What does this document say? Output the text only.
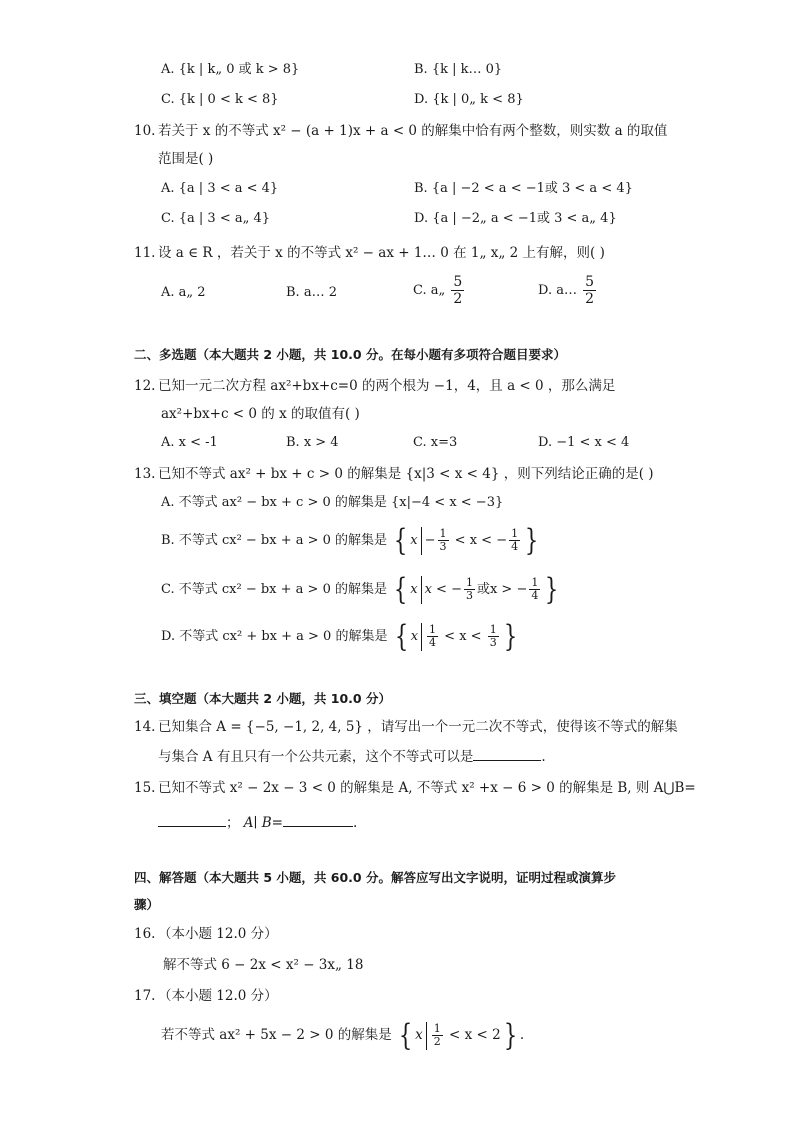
A. {k | k„ 0 或 k > 8}	B. {k | k… 0}
C. {k | 0 < k < 8}	D. {k | 0„ k < 8}
10. 若关于 x 的不等式 x² − (a + 1)x + a < 0 的解集中恰有两个整数，则实数 a 的取值
范围是( )
A. {a | 3 < a < 4}	B. {a | −2 < a < −1或 3 < a < 4}
C. {a | 3 < a„ 4}	D. {a | −2„ a < −1或 3 < a„ 4}
11. 设 a ∈ R ，若关于 x 的不等式 x² − ax + 1… 0 在 1„ x„ 2 上有解，则( )
A. a„ 2	B. a… 2	C. a„ $\frac{5}{2}$	D. a… $\frac{5}{2}$
二、多选题（本大题共 2 小题，共 10.0 分。在每小题有多项符合题目要求）
12. 已知一元二次方程 ax²+bx+c=0 的两个根为 −1，4，且 a < 0 ，那么满足
ax²+bx+c < 0 的 x 的取值有( )
A. x < -1	B. x > 4	C. x=3	D. −1 < x < 4
13. 已知不等式 ax² + bx + c > 0 的解集是 {x|3 < x < 4} ，则下列结论正确的是( )
A. 不等式 ax² − bx + c > 0 的解集是 {x|−4 < x < −3}
B. 不等式 cx² − bx + a > 0 的解集是 { $x - \frac{1}{3} < x$ < − $\frac{1}{4}$ }
C. 不等式 cx² − bx + a > 0 的解集是 { x x < − $\frac{1}{3}$ 或x > − $\frac{1}{4}$ }
D. 不等式 cx² + bx + a > 0 的解集是 { x $\frac{1}{4} < x < \frac{1}{3}$ }
三、填空题（本大题共 2 小题，共 10.0 分）
14. 已知集合 A = {−5, −1, 2, 4, 5} ，请写出一个一元二次不等式，使得该不等式的解集
与集合 A 有且只有一个公共元素，这个不等式可以是	.
15. 已知不等式 x² − 2x − 3 < 0 的解集是 A, 不等式 x² +x − 6 > 0 的解集是 B, 则 A⋃B=
； A∣ B=	.
四、解答题（本大题共 5 小题，共 60.0 分。解答应写出文字说明，证明过程或演算步
骤）
16. （本小题 12.0 分）
解不等式 6 − 2x < x² − 3x„ 18
17. （本小题 12.0 分）
若不等式 ax² + 5x − 2 > 0 的解集是 { x $\frac{1}{2} < x < 2$} .
